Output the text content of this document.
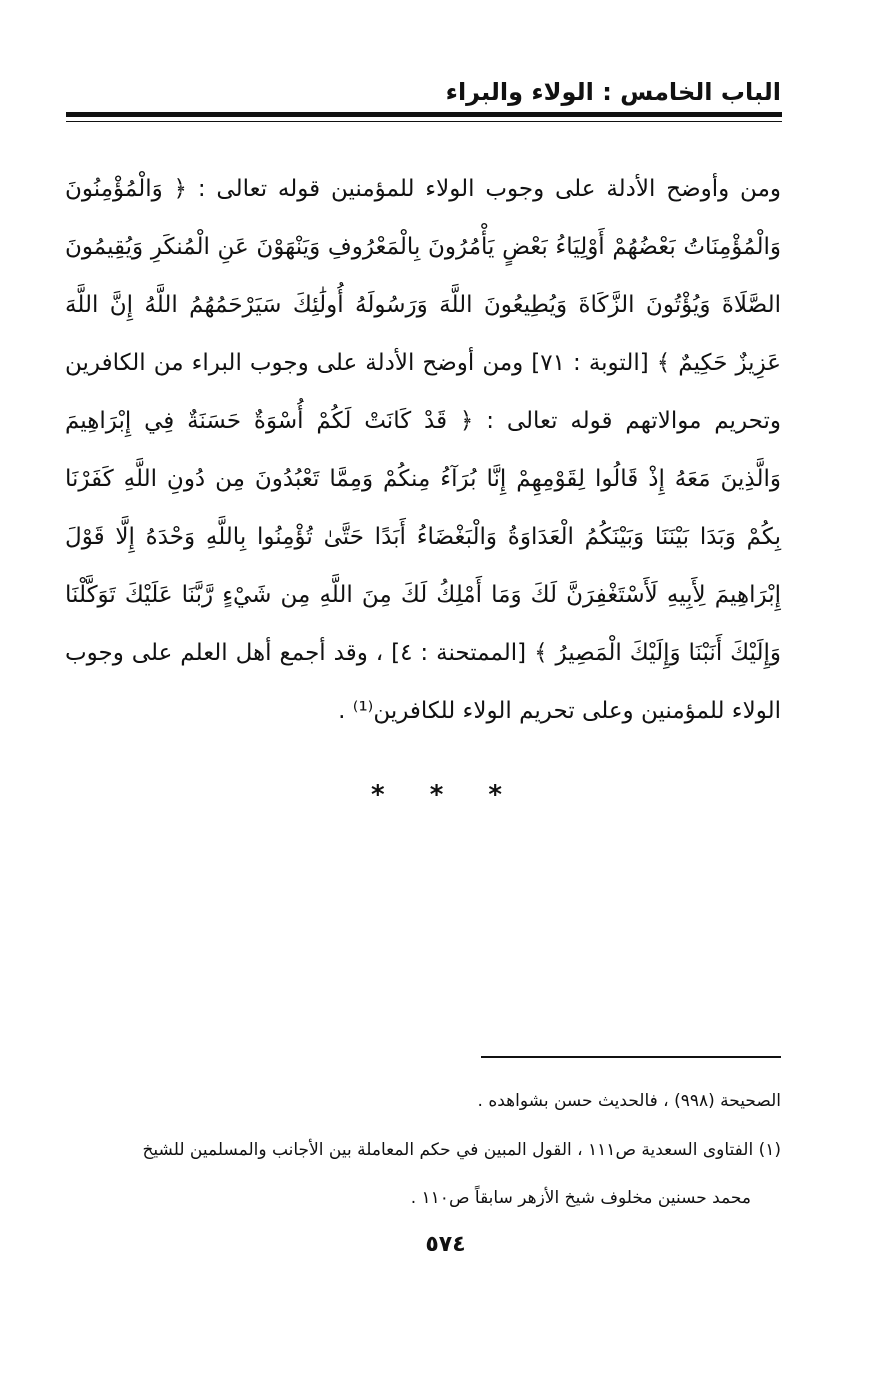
الباب الخامس : الولاء والبراء

ومن وأوضح الأدلة على وجوب الولاء للمؤمنين قوله تعالى : ﴿ وَالْمُؤْمِنُونَ وَالْمُؤْمِنَاتُ بَعْضُهُمْ أَوْلِيَاءُ بَعْضٍ يَأْمُرُونَ بِالْمَعْرُوفِ وَيَنْهَوْنَ عَنِ الْمُنكَرِ وَيُقِيمُونَ الصَّلَاةَ وَيُؤْتُونَ الزَّكَاةَ وَيُطِيعُونَ اللَّهَ وَرَسُولَهُ أُولَٰئِكَ سَيَرْحَمُهُمُ اللَّهُ إِنَّ اللَّهَ عَزِيزٌ حَكِيمٌ ﴾ [التوبة : ٧١] ومن أوضح الأدلة على وجوب البراء من الكافرين وتحريم موالاتهم قوله تعالى : ﴿ قَدْ كَانَتْ لَكُمْ أُسْوَةٌ حَسَنَةٌ فِي إِبْرَاهِيمَ وَالَّذِينَ مَعَهُ إِذْ قَالُوا لِقَوْمِهِمْ إِنَّا بُرَآءُ مِنكُمْ وَمِمَّا تَعْبُدُونَ مِن دُونِ اللَّهِ كَفَرْنَا بِكُمْ وَبَدَا بَيْنَنَا وَبَيْنَكُمُ الْعَدَاوَةُ وَالْبَغْضَاءُ أَبَدًا حَتَّىٰ تُؤْمِنُوا بِاللَّهِ وَحْدَهُ إِلَّا قَوْلَ إِبْرَاهِيمَ لِأَبِيهِ لَأَسْتَغْفِرَنَّ لَكَ وَمَا أَمْلِكُ لَكَ مِنَ اللَّهِ مِن شَيْءٍ رَّبَّنَا عَلَيْكَ تَوَكَّلْنَا وَإِلَيْكَ أَنَبْنَا وَإِلَيْكَ الْمَصِيرُ ﴾ [الممتحنة : ٤] ، وقد أجمع أهل العلم على وجوب الولاء للمؤمنين وعلى تحريم الولاء للكافرين⁽¹⁾ .

* * *
الصحيحة (٩٩٨) ، فالحديث حسن بشواهده .
(١) الفتاوى السعدية ص١١١ ، القول المبين في حكم المعاملة بين الأجانب والمسلمين للشيخ
محمد حسنين مخلوف شيخ الأزهر سابقاً ص١١٠ .
٥٧٤
